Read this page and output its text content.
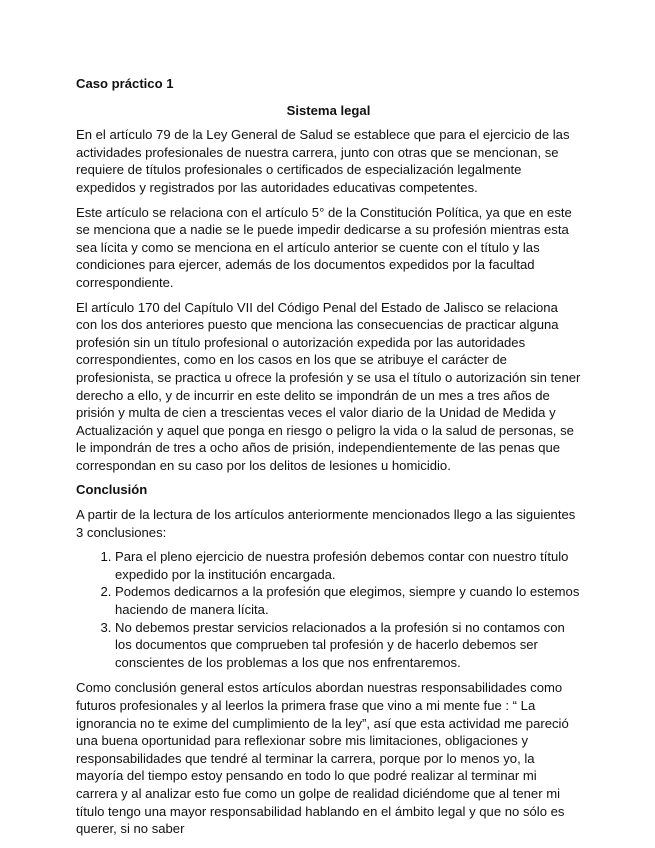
Caso práctico 1

Sistema legal

En el artículo 79 de la Ley General de Salud se establece que para el ejercicio de las actividades profesionales de nuestra carrera, junto con otras que se mencionan, se requiere de títulos profesionales o certificados de especialización legalmente expedidos y registrados por las autoridades educativas competentes.

Este artículo se relaciona con el artículo 5° de la Constitución Política, ya que en este se menciona que a nadie se le puede impedir dedicarse a su profesión mientras esta sea lícita y como se menciona en el artículo anterior se cuente con el título y las condiciones para ejercer, además de los documentos expedidos por la facultad correspondiente.

El artículo 170 del Capítulo VII del Código Penal del Estado de Jalisco se relaciona con los dos anteriores puesto que menciona las consecuencias de practicar alguna profesión sin un título profesional o autorización expedida por las autoridades correspondientes, como en los casos en los que se atribuye el carácter de profesionista, se practica u ofrece la profesión y se usa el título o autorización sin tener derecho a ello, y de incurrir en este delito se impondrán de un mes a tres años de prisión y multa de cien a trescientas veces el valor diario de la Unidad de Medida y Actualización y aquel que ponga en riesgo o peligro la vida o la salud de personas, se le impondrán de tres a ocho años de prisión, independientemente de las penas que correspondan en su caso por los delitos de lesiones u homicidio.

Conclusión

A partir de la lectura de los artículos anteriormente mencionados llego a las siguientes 3 conclusiones:

1. Para el pleno ejercicio de nuestra profesión debemos contar con nuestro título expedido por la institución encargada.
2. Podemos dedicarnos a la profesión que elegimos, siempre y cuando lo estemos haciendo de manera lícita.
3. No debemos prestar servicios relacionados a la profesión si no contamos con los documentos que comprueben tal profesión y de hacerlo debemos ser conscientes de los problemas a los que nos enfrentaremos.

Como conclusión general estos artículos abordan nuestras responsabilidades como futuros profesionales y al leerlos la primera frase que vino a mi mente fue : “ La ignorancia no te exime del cumplimiento de la ley”, así que esta actividad me pareció una buena oportunidad para reflexionar sobre mis limitaciones, obligaciones y responsabilidades que tendré al terminar la carrera, porque por lo menos yo, la mayoría del tiempo estoy pensando en todo lo que podré realizar al terminar mi carrera y al analizar esto fue como un golpe de realidad diciéndome que al tener mi título tengo una mayor responsabilidad hablando en el ámbito legal y que no sólo es querer, si no saber
